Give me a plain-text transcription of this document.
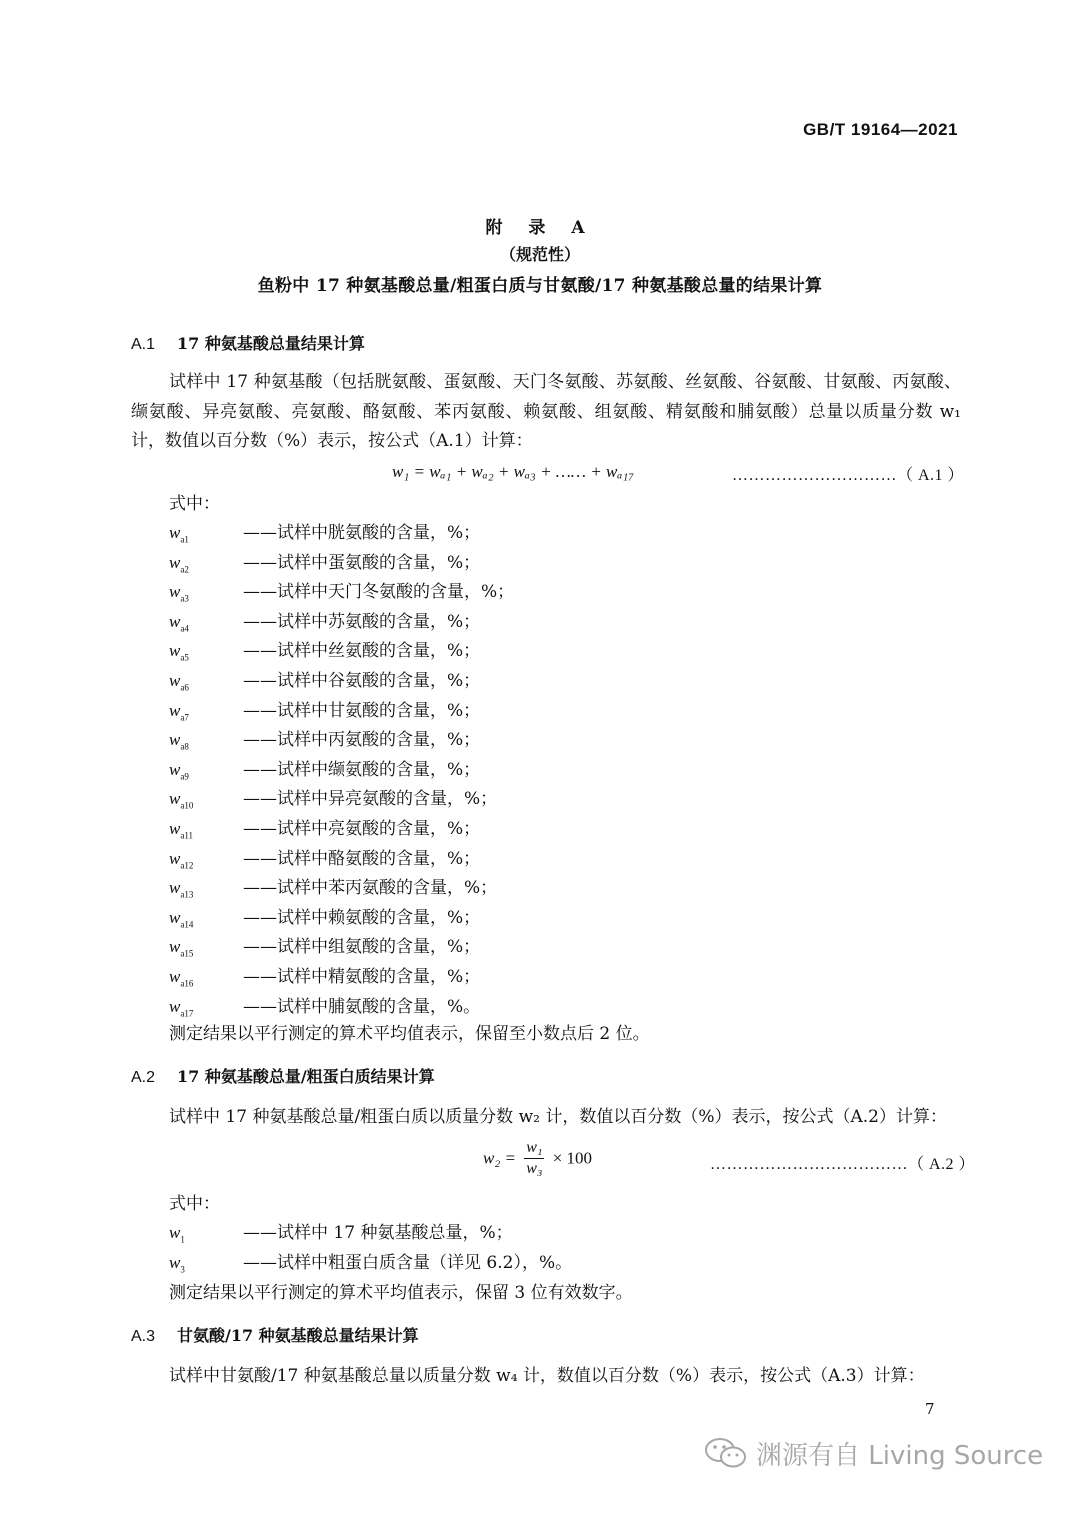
GB/T 19164—2021
附 录 A
（规范性）
鱼粉中 17 种氨基酸总量/粗蛋白质与甘氨酸/17 种氨基酸总量的结果计算
A.1 17 种氨基酸总量结果计算
试样中 17 种氨基酸（包括胱氨酸、蛋氨酸、天门冬氨酸、苏氨酸、丝氨酸、谷氨酸、甘氨酸、丙氨酸、缬氨酸、异亮氨酸、亮氨酸、酪氨酸、苯丙氨酸、赖氨酸、组氨酸、精氨酸和脯氨酸）总量以质量分数 w₁ 计，数值以百分数（%）表示，按公式（A.1）计算：
w₁ = wₐ₁ + wₐ₂ + wₐ₃ + …… + wₐ₁₇	…………………………（ A.1 ）
式中：
$w_{a1}$	——试样中胱氨酸的含量，%；
$w_{a2}$	——试样中蛋氨酸的含量，%；
$w_{a3}$	——试样中天门冬氨酸的含量，%；
$w_{a4}$	——试样中苏氨酸的含量，%；
$w_{a5}$	——试样中丝氨酸的含量，%；
$w_{a6}$	——试样中谷氨酸的含量，%；
$w_{a7}$	——试样中甘氨酸的含量，%；
$w_{a8}$	——试样中丙氨酸的含量，%；
$w_{a9}$	——试样中缬氨酸的含量，%；
$w_{a10}$	——试样中异亮氨酸的含量，%；
$w_{a11}$	——试样中亮氨酸的含量，%；
$w_{a12}$	——试样中酪氨酸的含量，%；
$w_{a13}$	——试样中苯丙氨酸的含量，%；
$w_{a14}$	——试样中赖氨酸的含量，%；
$w_{a15}$	——试样中组氨酸的含量，%；
$w_{a16}$	——试样中精氨酸的含量，%；
$w_{a17}$	——试样中脯氨酸的含量，%。
测定结果以平行测定的算术平均值表示，保留至小数点后 2 位。
A.2 17 种氨基酸总量/粗蛋白质结果计算
试样中 17 种氨基酸总量/粗蛋白质以质量分数 w₂ 计，数值以百分数（%）表示，按公式（A.2）计算：
$w_2 = \frac{\text{w₁}}{\text{w₃}} \times 100$	………………………………（ A.2 ）
式中：
$w_1$	——试样中 17 种氨基酸总量，%；
$w_3$	——试样中粗蛋白质含量（详见 6.2），%。
测定结果以平行测定的算术平均值表示，保留 3 位有效数字。
A.3 甘氨酸/17 种氨基酸总量结果计算
试样中甘氨酸/17 种氨基酸总量以质量分数 w₄ 计，数值以百分数（%）表示，按公式（A.3）计算：
7
渊源有自 Living Source
